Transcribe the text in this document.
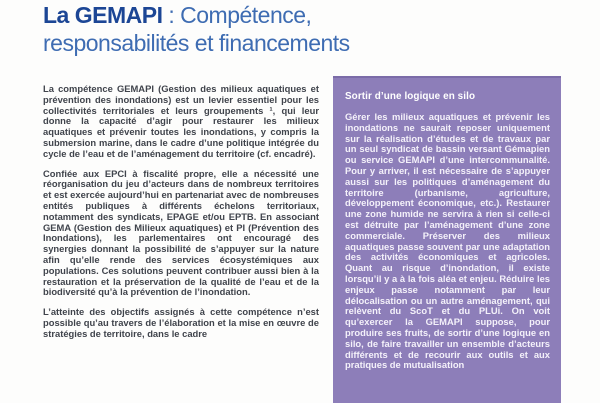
La GEMAPI : Compétence,
responsabilités et financements

La compétence GEMAPI (Gestion des milieux aquatiques et prévention des inondations) est un levier essentiel pour les collectivités territoriales et leurs groupements ¹, qui leur donne la capacité d’agir pour restaurer les milieux aquatiques et prévenir toutes les inondations, y compris la submersion marine, dans le cadre d’une politique intégrée du cycle de l’eau et de l’aménagement du territoire (cf. encadré).

Confiée aux EPCI à fiscalité propre, elle a nécessité une réorganisation du jeu d’acteurs dans de nombreux territoires et est exercée aujourd’hui en partenariat avec de nombreuses entités publiques à différents échelons territoriaux, notamment des syndicats, EPAGE et/ou EPTB. En associant GEMA (Gestion des Milieux aquatiques) et PI (Prévention des Inondations), les parlementaires ont encouragé des synergies donnant la possibilité de s’appuyer sur la nature afin qu’elle rende des services écosystémiques aux populations. Ces solutions peuvent contribuer aussi bien à la restauration et la préservation de la qualité de l’eau et de la biodiversité qu’à la prévention de l’inondation.

L’atteinte des objectifs assignés à cette compétence n’est possible qu’au travers de l’élaboration et la mise en œuvre de stratégies de territoire, dans le cadre

Sortir d’une logique en silo

Gérer les milieux aquatiques et prévenir les inondations ne saurait reposer uniquement sur la réalisation d’études et de travaux par un seul syndicat de bassin versant Gémapien ou service GEMAPI d’une intercommunalité. Pour y arriver, il est nécessaire de s’appuyer aussi sur les politiques d’aménagement du territoire (urbanisme, agriculture, développement économique, etc.). Restaurer une zone humide ne servira à rien si celle-ci est détruite par l’aménagement d’une zone commerciale. Préserver des milieux aquatiques passe souvent par une adaptation des activités économiques et agricoles. Quant au risque d’inondation, il existe lorsqu’il y a à la fois aléa et enjeu. Réduire les enjeux passe notamment par leur délocalisation ou un autre aménagement, qui relèvent du ScoT et du PLUi. On voit qu’exercer la GEMAPI suppose, pour produire ses fruits, de sortir d’une logique en silo, de faire travailler un ensemble d’acteurs différents et de recourir aux outils et aux pratiques de mutualisation
